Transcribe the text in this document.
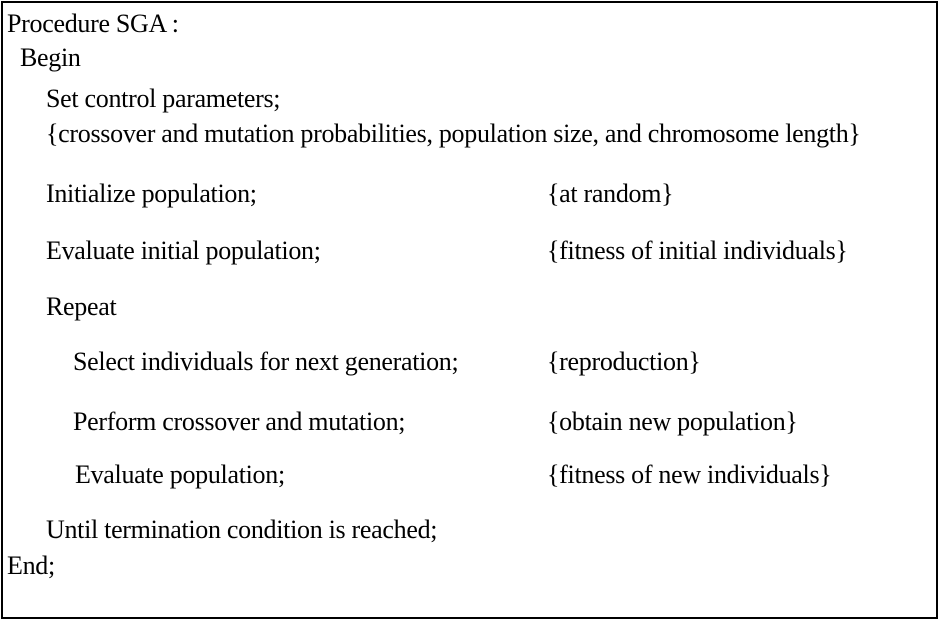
Procedure SGA :
Begin
Set control parameters;
{crossover and mutation probabilities, population size, and chromosome length}
Initialize population;	{at random}
Evaluate initial population;	{fitness of initial individuals}
Repeat
Select individuals for next generation;	{reproduction}
Perform crossover and mutation;	{obtain new population}
Evaluate population;	{fitness of new individuals}
Until termination condition is reached;
End;
